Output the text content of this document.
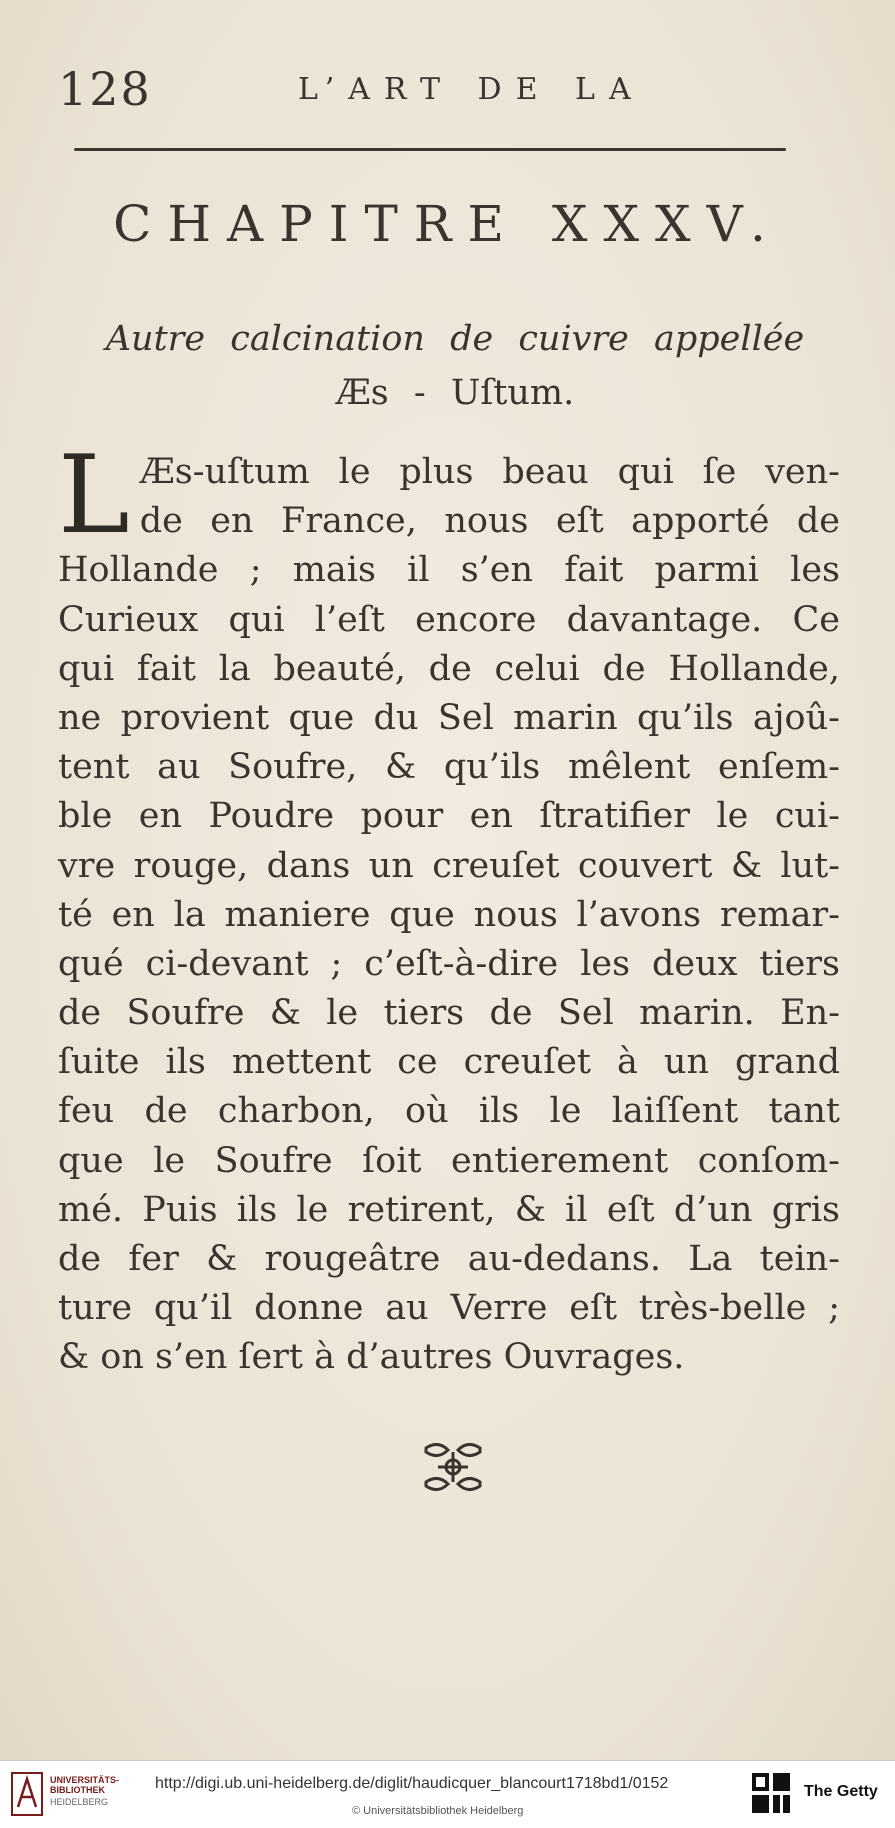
128	L’ART DE LA
CHAPITRE XXXV.
Autre calcination de cuivre appellée
Æs - Uſtum.
L Æs-uſtum le plus beau qui ſe ven-
de en France, nous eſt apporté de
Hollande ; mais il s’en fait parmi les
Curieux qui l’eſt encore davantage. Ce
qui fait la beauté, de celui de Hollande,
ne provient que du Sel marin qu’ils ajoû-
tent au Soufre, & qu’ils mêlent enſem-
ble en Poudre pour en ſtratifier le cui-
vre rouge, dans un creuſet couvert & lut-
té en la maniere que nous l’avons remar-
qué ci-devant ; c’eſt-à-dire les deux tiers
de Soufre & le tiers de Sel marin. En-
ſuite ils mettent ce creuſet à un grand
feu de charbon, où ils le laiſſent tant
que le Soufre ſoit entierement conſom-
mé. Puis ils le retirent, & il eſt d’un gris
de fer & rougeâtre au-dedans. La tein-
ture qu’il donne au Verre eſt très-belle ;
& on s’en ſert à d’autres Ouvrages.
UNIVERSITÄTS-
BIBLIOTHEK
HEIDELBERG
http://digi.ub.uni-heidelberg.de/diglit/haudicquer_blancourt1718bd1/0152
© Universitätsbibliothek Heidelberg
The Getty
